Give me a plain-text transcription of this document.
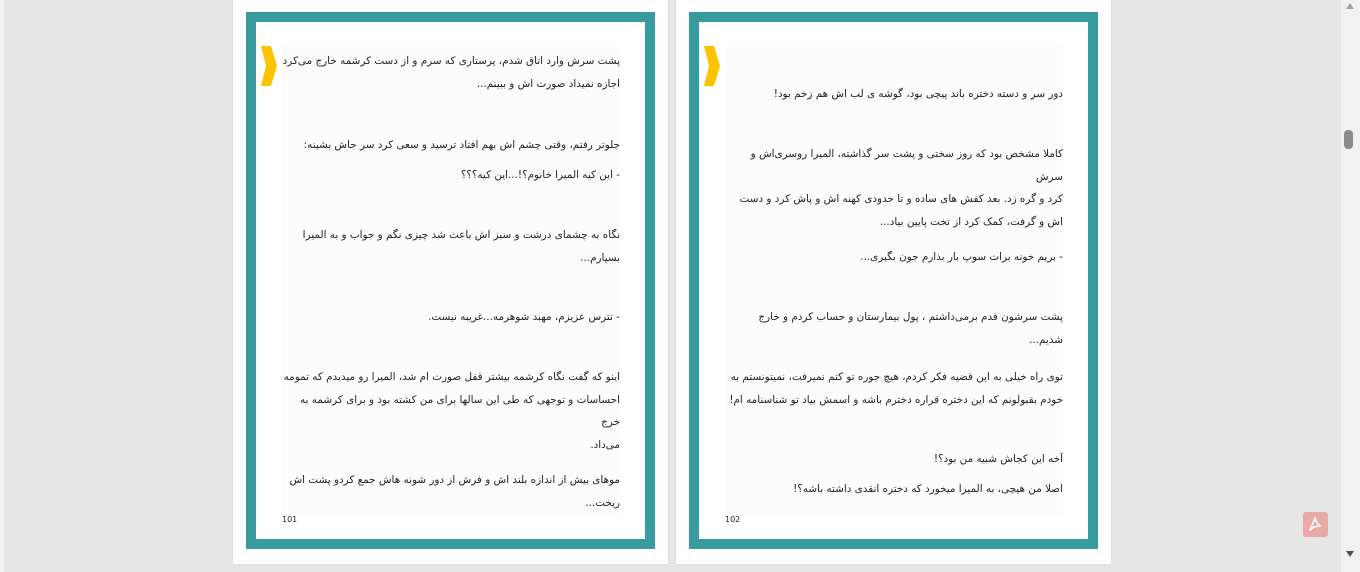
پشت سرش وارد اتاق شدم، پرستاری که سرم و از دست کرشمه خارج می‌کرد
اجازه نمیداد صورت اش و ببینم...
جلوتر رفتم، وقتی چشم اش بهم افتاد ترسید و سعی کرد سر جاش بشینه:
- این کیه المیرا خانوم؟!...این کیه؟؟؟
نگاه به چشمای درشت و سبز اش باعث شد چیزی نگم و جواب و به المیرا
بسپارم...
- نترس عزیزم، مهبد شوهرمه...غریبه نیست.
اینو که گفت نگاه کرشمه بیشتر قفل صورت ام شد، المیرا رو میدیدم که تمومه
احساسات و توجهی که طی این سالها برای من کشته بود و برای کرشمه به خرج
می‌داد.
موهای بیش از اندازه بلند اش و فرش از دور شونه هاش جمع کردو پشت اش
ریخت...
101
دور سر و دسته دختره باند پیچی بود، گوشه ی لب اش هم زخم بود!
کاملا مشخص بود که روز سختی و پشت سر گذاشته، المیرا روسری‌اش و سرش
کرد و گره زد. بعد کفش های ساده و تا حدودی کهنه اش و پاش کرد و دست
اش و گرفت، کمک کرد از تخت پایین بیاد...
- بریم خونه برات سوپ بار بذارم جون بگیری...
پشت سرشون قدم برمی‌داشتم ، پول بیمارستان و حساب کردم و خارج شدیم...
توی راه خیلی به این قضیه فکر کردم، هیچ جوره تو کتم نمیرفت، نمیتونستم به
خودم بقبولونم که این دختره قراره دخترم باشه و اسمش بیاد تو شناسنامه ام!
آخه این کجاش شبیه من بود؟!
اصلا من هیچی، به المیرا میخورد که دختره انقدی داشته باشه؟!
102
